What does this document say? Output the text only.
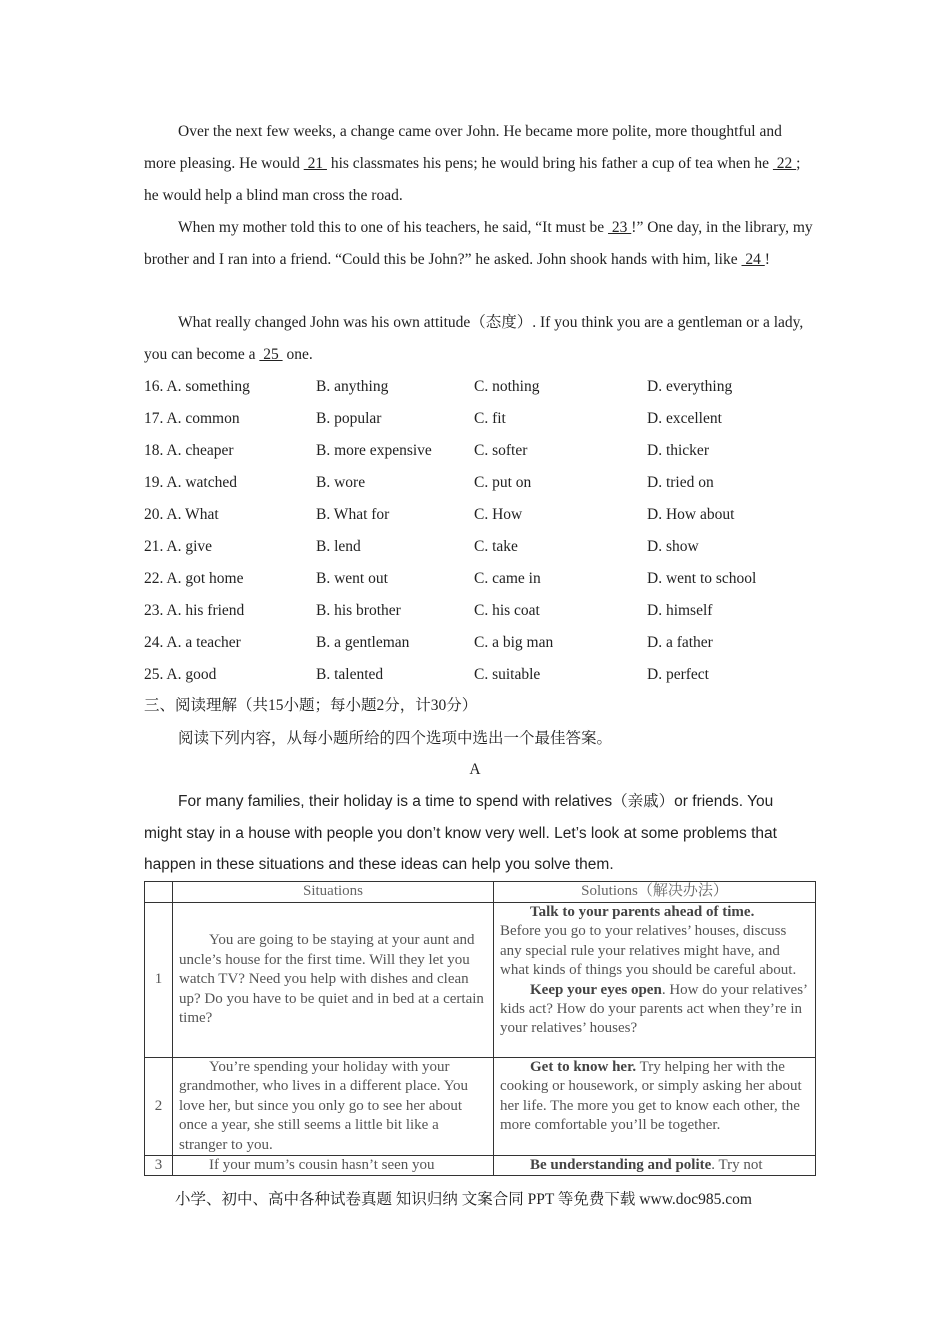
Over the next few weeks, a change came over John. He became more polite, more thoughtful and more pleasing. He would  21  his classmates his pens; he would bring his father a cup of tea when he  22 ; he would help a blind man cross the road.

When my mother told this to one of his teachers, he said, “It must be  23 !” One day, in the library, my brother and I ran into a friend. “Could this be John?” he asked. John shook hands with him, like  24 !

What really changed John was his own attitude（态度）. If you think you are a gentleman or a lady, you can become a  25  one.

16. A. something	B. anything	C. nothing	D. everything
17. A. common	B. popular	C. fit	D. excellent
18. A. cheaper	B. more expensive	C. softer	D. thicker
19. A. watched	B. wore	C. put on	D. tried on
20. A. What	B. What for	C. How	D. How about
21. A. give	B. lend	C. take	D. show
22. A. got home	B. went out	C. came in	D. went to school
23. A. his friend	B. his brother	C. his coat	D. himself
24. A. a teacher	B. a gentleman	C. a big man	D. a father
25. A. good	B. talented	C. suitable	D. perfect
三、阅读理解（共15小题；每小题2分，计30分）
阅读下列内容，从每小题所给的四个选项中选出一个最佳答案。
A

For many families, their holiday is a time to spend with relatives（亲戚）or friends. You might stay in a house with people you don’t know very well. Let’s look at some problems that happen in these situations and these ideas can help you solve them.

	Situations	Solutions（解决办法）
1	You are going to be staying at your aunt and uncle’s house for the first time. Will they let you watch TV? Need you help with dishes and clean up? Do you have to be quiet and in bed at a certain time?	Talk to your parents ahead of time.
Before you go to your relatives’ houses, discuss any special rule your relatives might have, and what kinds of things you should be careful about.
Keep your eyes open. How do your relatives’ kids act? How do your parents act when they’re in your relatives’ houses?
2	You’re spending your holiday with your grandmother, who lives in a different place. You love her, but since you only go to see her about once a year, she still seems a little bit like a stranger to you.	Get to know her. Try helping her with the cooking or housework, or simply asking her about her life. The more you get to know each other, the more comfortable you’ll be together.
3	If your mum’s cousin hasn’t seen you	Be understanding and polite. Try not
小学、初中、高中各种试卷真题 知识归纳 文案合同 PPT 等免费下载 www.doc985.com
